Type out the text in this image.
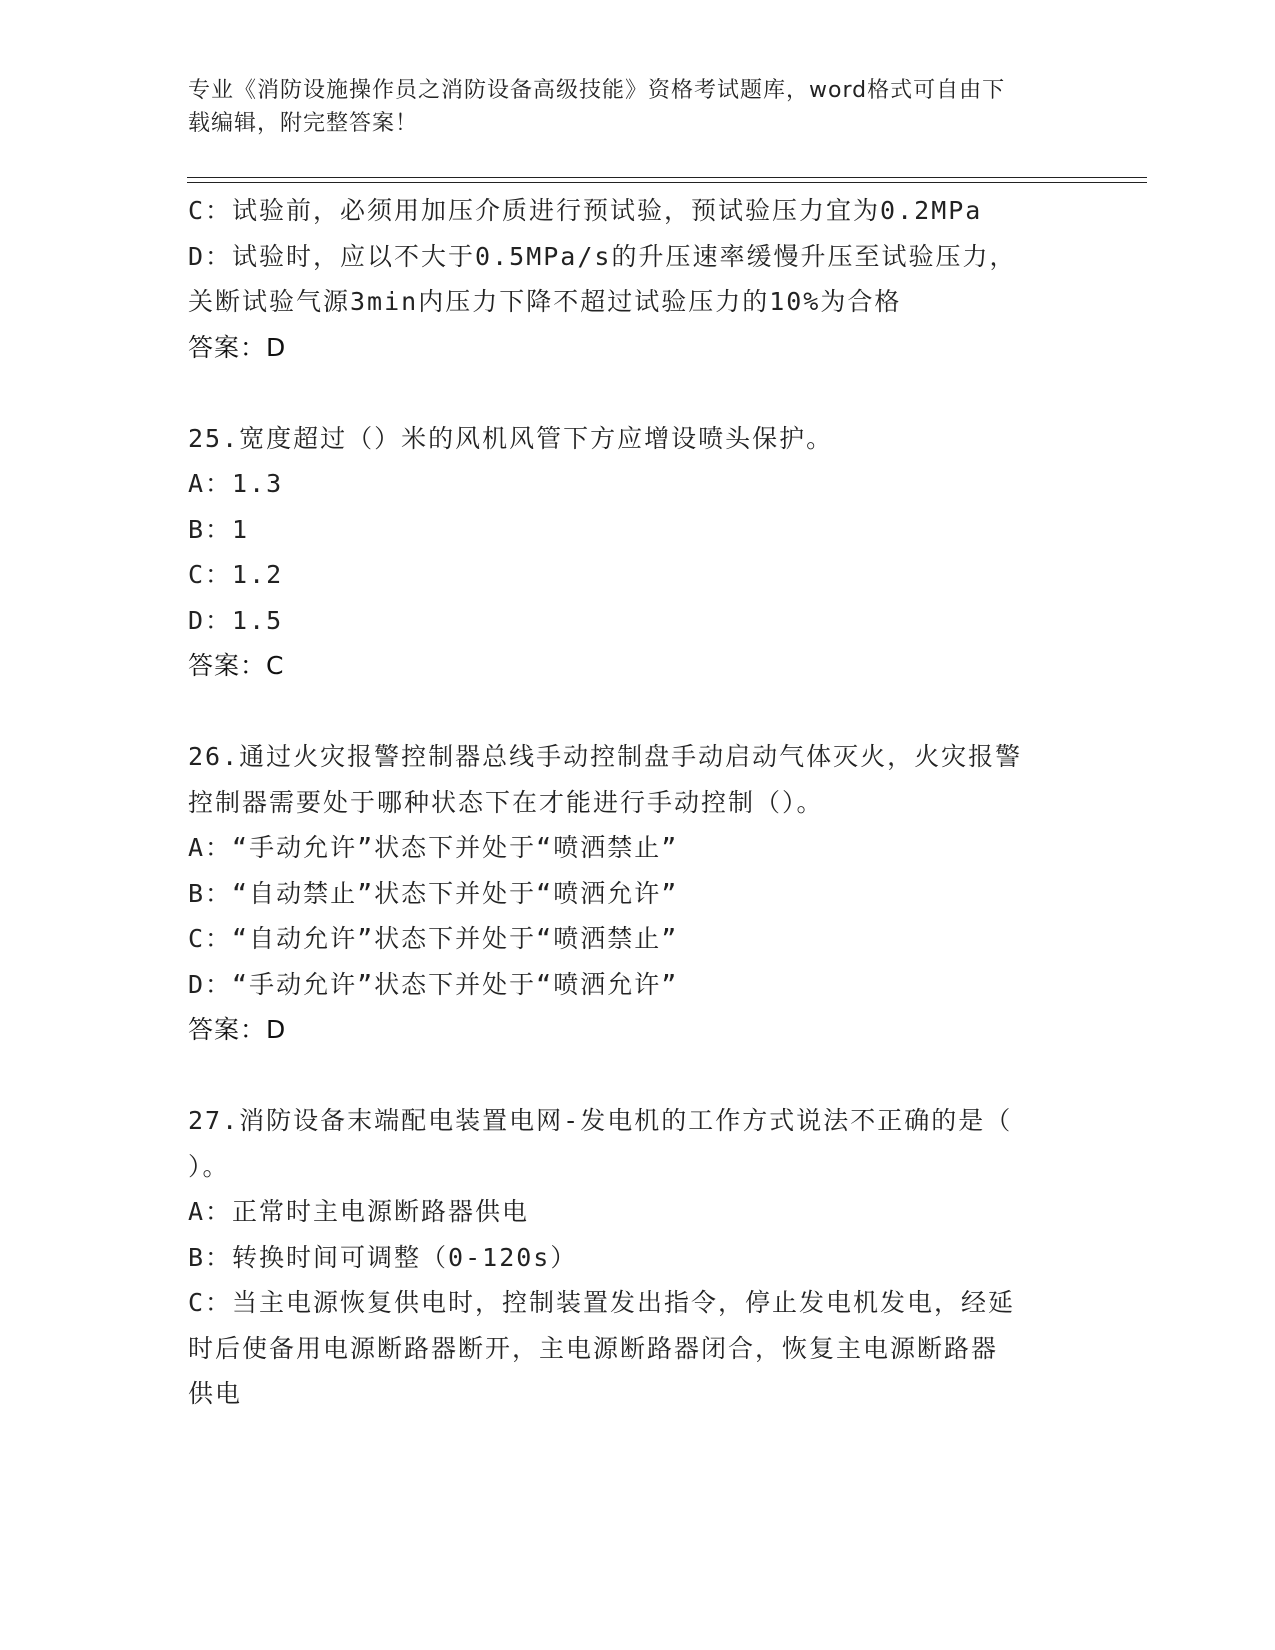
专业《消防设施操作员之消防设备高级技能》资格考试题库，word格式可自由下
载编辑，附完整答案！
C：试验前，必须用加压介质进行预试验，预试验压力宜为0.2MPa
D：试验时，应以不大于0.5MPa/s的升压速率缓慢升压至试验压力，
关断试验气源3min内压力下降不超过试验压力的10%为合格
答案：D
25.宽度超过（）米的风机风管下方应增设喷头保护。
A：1.3
B：1
C：1.2
D：1.5
答案：C
26.通过火灾报警控制器总线手动控制盘手动启动气体灭火，火灾报警
控制器需要处于哪种状态下在才能进行手动控制（）。
A：“手动允许”状态下并处于“喷洒禁止”
B：“自动禁止”状态下并处于“喷洒允许”
C：“自动允许”状态下并处于“喷洒禁止”
D：“手动允许”状态下并处于“喷洒允许”
答案：D
27.消防设备末端配电装置电网-发电机的工作方式说法不正确的是（
）。
A：正常时主电源断路器供电
B：转换时间可调整（0-120s）
C：当主电源恢复供电时，控制装置发出指令，停止发电机发电，经延
时后使备用电源断路器断开，主电源断路器闭合，恢复主电源断路器
供电
